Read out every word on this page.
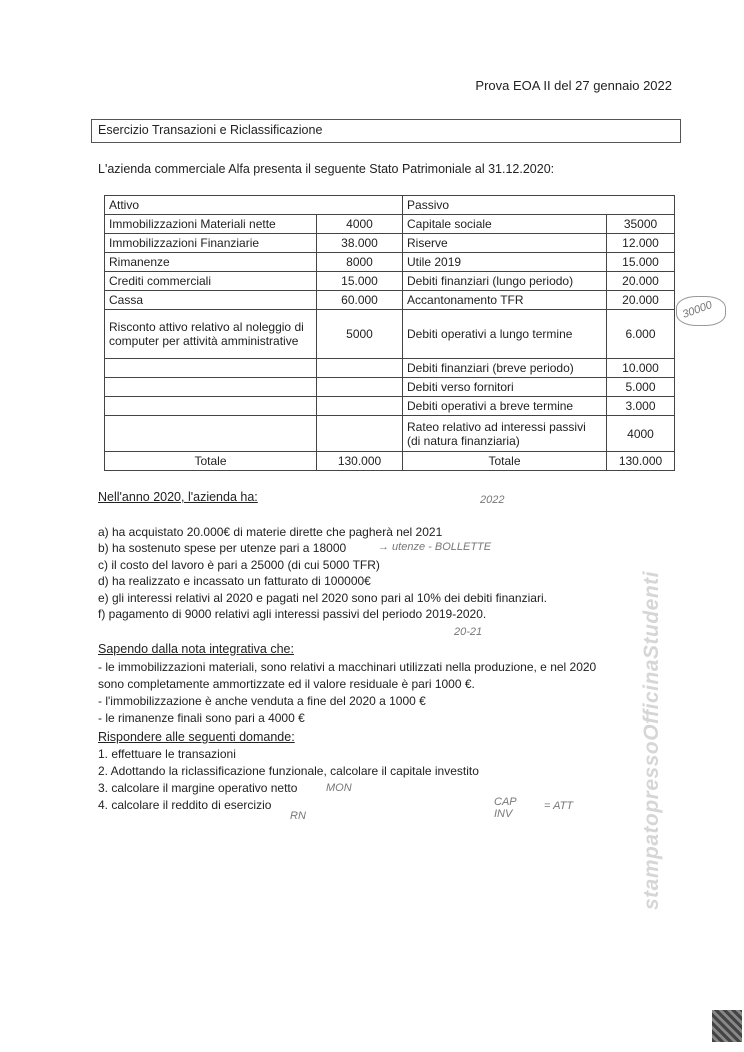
Prova EOA II del 27 gennaio 2022
Esercizio Transazioni e Riclassificazione
L'azienda commerciale Alfa presenta il seguente Stato Patrimoniale al 31.12.2020:
Attivo		Passivo	
Immobilizzazioni Materiali nette	4000	Capitale sociale	35000
Immobilizzazioni Finanziarie	38.000	Riserve	12.000
Rimanenze	8000	Utile 2019	15.000
Crediti commerciali	15.000	Debiti finanziari (lungo periodo)	20.000
Cassa	60.000	Accantonamento TFR	20.000
Risconto attivo relativo al noleggio di computer per attività amministrative	5000	Debiti operativi a lungo termine	6.000
		Debiti finanziari (breve periodo)	10.000
		Debiti verso fornitori	5.000
		Debiti operativi a breve termine	3.000
		Rateo relativo ad interessi passivi (di natura finanziaria)	4000
Totale	130.000	Totale	130.000
Nell'anno 2020, l'azienda ha:
a) ha acquistato 20.000€ di materie dirette che pagherà nel 2021
b) ha sostenuto spese per utenze pari a 18000
c) il costo del lavoro è pari a 25000 (di cui 5000 TFR)
d) ha realizzato e incassato un fatturato di 100000€
e) gli interessi relativi al 2020 e pagati nel 2020 sono pari al 10% dei debiti finanziari.
f) pagamento di 9000 relativi agli interessi passivi del periodo 2019-2020.
Sapendo dalla nota integrativa che:
- le immobilizzazioni materiali, sono relativi a macchinari utilizzati nella produzione, e nel 2020
sono completamente ammortizzate ed il valore residuale è pari 1000 €.
- l'immobilizzazione è anche venduta a fine del 2020 a 1000 €
- le rimanenze finali sono pari a 4000 €
Rispondere alle seguenti domande:
1. effettuare le transazioni
2. Adottando la riclassificazione funzionale, calcolare il capitale investito
3. calcolare il margine operativo netto
4. calcolare il reddito di esercizio
2022
→ utenze - BOLLETTE
20-21
MON
RN
CAP INV
= ATT
30000
stampatopressoOfficinaStudenti
